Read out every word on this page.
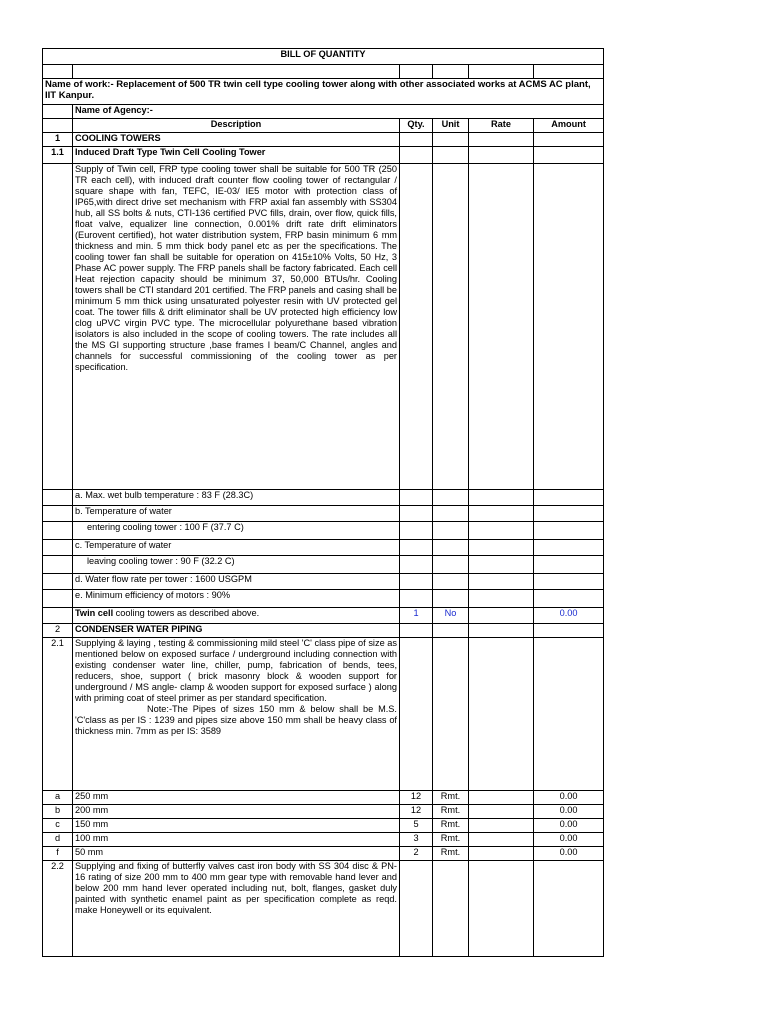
BILL OF QUANTITY					

Name of work:- Replacement of 500 TR twin cell type cooling tower along with other associated works at ACMS AC plant, IIT Kanpur.					
	Name of Agency:-				
	Description	Qty.	Unit	Rate	Amount
1	COOLING TOWERS				
1.1	Induced Draft Type Twin Cell Cooling Tower				
	Supply of Twin cell, FRP type cooling tower shall be suitable for 500 TR (250 TR each cell), with induced draft counter flow cooling tower of rectangular / square shape with fan, TEFC, IE-03/ IE5 motor with protection class of IP65,with direct drive set mechanism with FRP axial fan assembly with SS304 hub, all SS bolts & nuts, CTI-136 certified PVC fills, drain, over flow, quick fills, float valve, equalizer line connection, 0.001% drift rate drift eliminators (Eurovent certified), hot water distribution system, FRP basin minimum 6 mm thickness and min. 5 mm thick body panel etc as per the specifications. The cooling tower fan shall be suitable for operation on 415±10% Volts, 50 Hz, 3 Phase AC power supply. The FRP panels shall be factory fabricated. Each cell Heat rejection capacity should be minimum 37, 50,000 BTUs/hr. Cooling towers shall be CTI standard 201 certified. The FRP panels and casing shall be minimum 5 mm thick using unsaturated polyester resin with UV protected gel coat. The tower fills & drift eliminator shall be UV protected high efficiency low clog uPVC virgin PVC type. The microcellular polyurethane based vibration isolators is also included in the scope of cooling towers. The rate includes all the MS GI supporting structure ,base frames I beam/C Channel, angles and channels for successful commissioning of the cooling tower as per specification.				
	a. Max. wet bulb temperature : 83 F (28.3C)				
	b. Temperature of water				
	entering cooling tower : 100 F (37.7 C)				
	c. Temperature of water				
	leaving cooling tower : 90 F (32.2 C)				
	d. Water flow rate per tower : 1600 USGPM				
	e. Minimum efficiency of motors : 90%				
	Twin cell cooling towers as described above.	1	No		0.00
2	CONDENSER WATER PIPING				
2.1	Supplying & laying , testing & commissioning mild steel 'C' class pipe of size as mentioned below on exposed surface / underground including connection with existing condenser water line, chiller, pump, fabrication of bends, tees, reducers, shoe, support ( brick masonry block & wooden support for underground / MS angle- clamp & wooden support for exposed surface ) along with priming coat of steel primer as per standard specification.
Note:-The Pipes of sizes 150 mm & below shall be M.S. 'C'class as per IS : 1239 and pipes size above 150 mm shall be heavy class of thickness min. 7mm as per IS: 3589				

a	250 mm	12	Rmt.		0.00
b	200 mm	12	Rmt.		0.00
c	150 mm	5	Rmt.		0.00
d	100 mm	3	Rmt.		0.00
f	50 mm	2	Rmt.		0.00
2.2	Supplying and fixing of butterfly valves cast iron body with SS 304 disc & PN-16 rating of size 200 mm to 400 mm gear type with removable hand lever and below 200 mm hand lever operated including nut, bolt, flanges, gasket duly painted with synthetic enamel paint as per specification complete as reqd. make Honeywell or its equivalent.				
